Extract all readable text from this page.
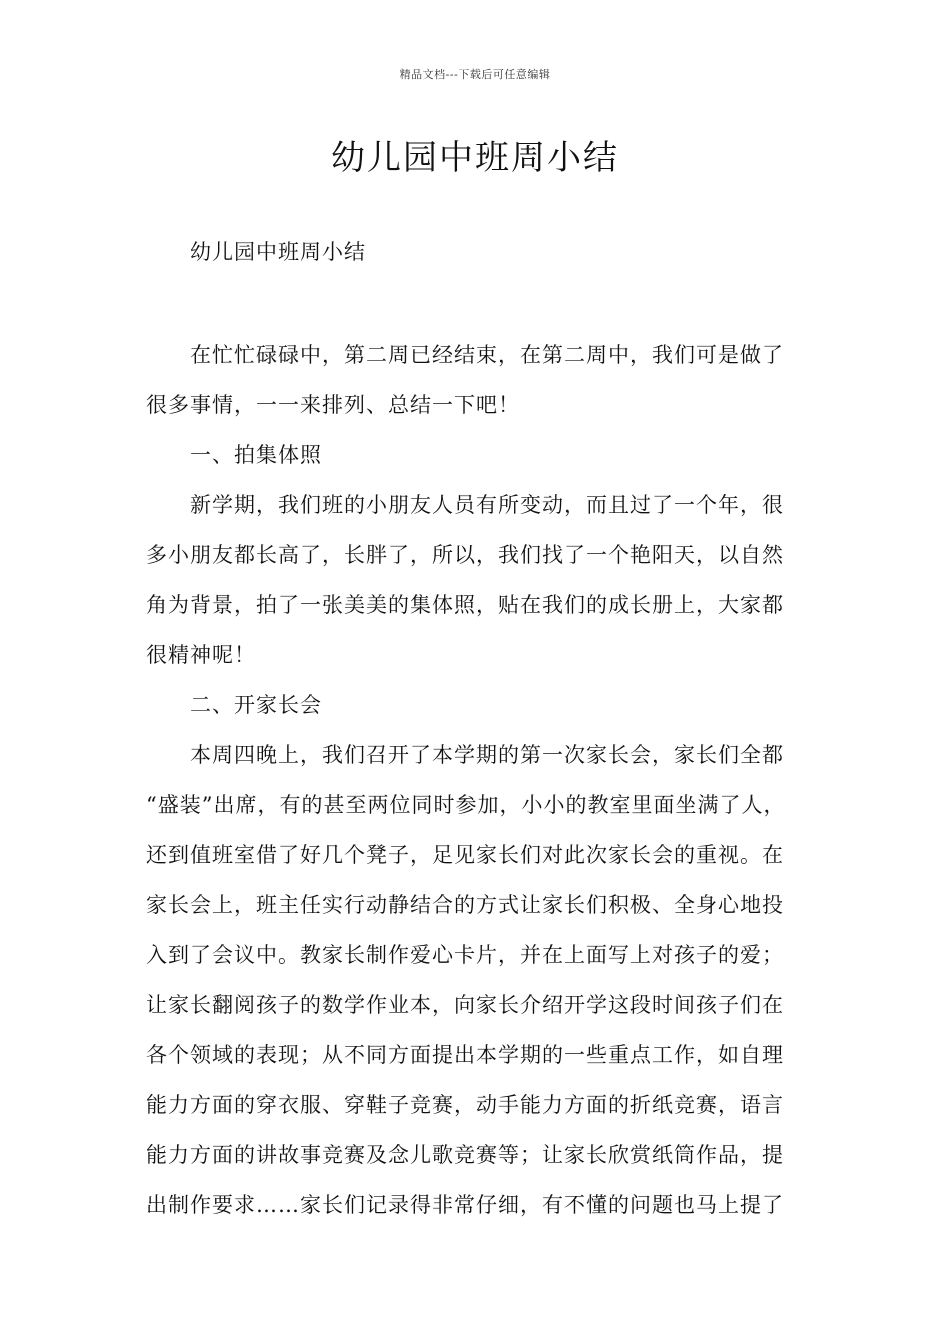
精品文档---下载后可任意编辑
幼儿园中班周小结
幼儿园中班周小结

在忙忙碌碌中，第二周已经结束，在第二周中，我们可是做了
很多事情，一一来排列、总结一下吧！

一、拍集体照

新学期，我们班的小朋友人员有所变动，而且过了一个年，很
多小朋友都长高了，长胖了，所以，我们找了一个艳阳天，以自然
角为背景，拍了一张美美的集体照，贴在我们的成长册上，大家都
很精神呢！

二、开家长会

本周四晚上，我们召开了本学期的第一次家长会，家长们全都
“盛装”出席，有的甚至两位同时参加，小小的教室里面坐满了人，
还到值班室借了好几个凳子，足见家长们对此次家长会的重视。在
家长会上，班主任实行动静结合的方式让家长们积极、全身心地投
入到了会议中。教家长制作爱心卡片，并在上面写上对孩子的爱；
让家长翻阅孩子的数学作业本，向家长介绍开学这段时间孩子们在
各个领域的表现；从不同方面提出本学期的一些重点工作，如自理
能力方面的穿衣服、穿鞋子竞赛，动手能力方面的折纸竞赛，语言
能力方面的讲故事竞赛及念儿歌竞赛等；让家长欣赏纸筒作品，提
出制作要求……家长们记录得非常仔细，有不懂的问题也马上提了
